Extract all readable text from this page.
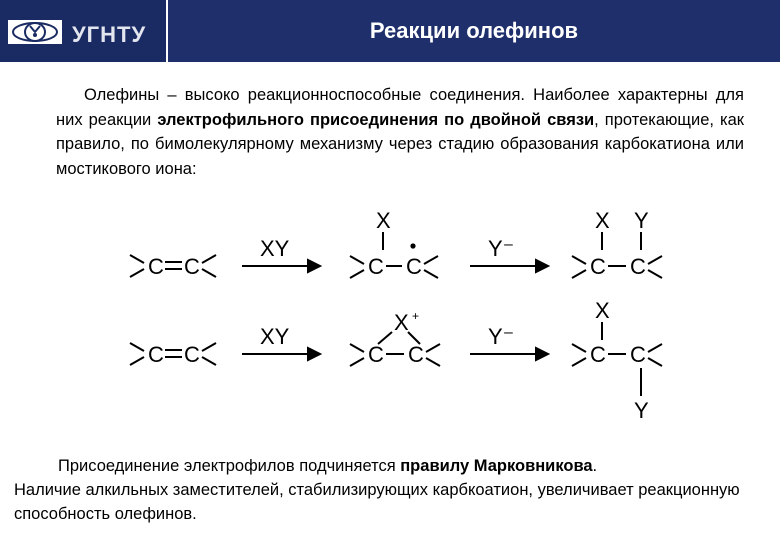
УГНТУ	Реакции олефинов
Олефины – высоко реакционноспособные соединения. Наиболее характерны для них реакции электрофильного присоединения по двойной связи, протекающие, как правило, по бимолекулярному механизму через стадию образования карбокатиона или мостикового иона:
C C
XY
X
C C
Y⁻
X Y
C C
C C
XY
X +
C C
Y⁻
X
C C
Y
Присоединение электрофилов подчиняется правилу Марковникова.
Наличие алкильных заместителей, стабилизирующих карбкоатион, увеличивает реакционную способность олефинов.
